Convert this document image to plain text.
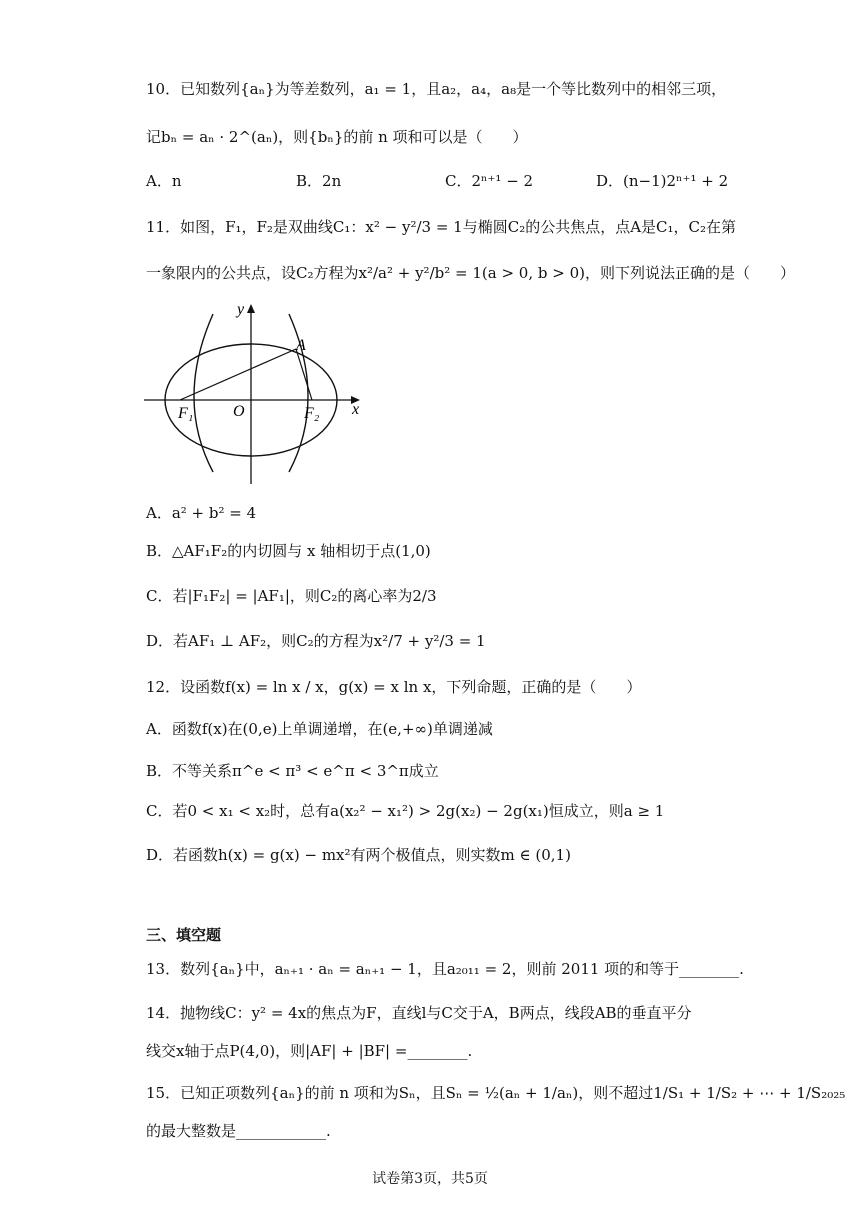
10．已知数列{aₙ}为等差数列，a₁ = 1，且a₂，a₄，a₈是一个等比数列中的相邻三项，
记bₙ = aₙ · 2^(aₙ)，则{bₙ}的前 n 项和可以是（　　）
A．n	B．2n	C．2ⁿ⁺¹ − 2	D．(n−1)2ⁿ⁺¹ + 2
11．如图，F₁，F₂是双曲线C₁：x² − y²/3 = 1与椭圆C₂的公共焦点，点A是C₁，C₂在第
一象限内的公共点，设C₂方程为x²/a² + y²/b² = 1(a > 0, b > 0)，则下列说法正确的是（　　）
y
x
A
F₁ O	F₂
A．a² + b² = 4
B．△AF₁F₂的内切圆与 x 轴相切于点(1,0)
C．若|F₁F₂| = |AF₁|，则C₂的离心率为2/3
D．若AF₁ ⊥ AF₂，则C₂的方程为x²/7 + y²/3 = 1
12．设函数f(x) = ln x / x，g(x) = x ln x，下列命题，正确的是（　　）
A．函数f(x)在(0,e)上单调递增，在(e,+∞)单调递减
B．不等关系π^e < π³ < e^π < 3^π成立
C．若0 < x₁ < x₂时，总有a(x₂² − x₁²) > 2g(x₂) − 2g(x₁)恒成立，则a ≥ 1
D．若函数h(x) = g(x) − mx²有两个极值点，则实数m ∈ (0,1)
三、填空题
13．数列{aₙ}中，aₙ₊₁ · aₙ = aₙ₊₁ − 1，且a₂₀₁₁ = 2，则前 2011 项的和等于________.
14．抛物线C：y² = 4x的焦点为F，直线l与C交于A，B两点，线段AB的垂直平分
线交x轴于点P(4,0)，则|AF| + |BF| =________.
15．已知正项数列{aₙ}的前 n 项和为Sₙ，且Sₙ = ½(aₙ + 1/aₙ)，则不超过1/S₁ + 1/S₂ + ⋯ + 1/S₂₀₂₅
的最大整数是____________.
试卷第3页，共5页
